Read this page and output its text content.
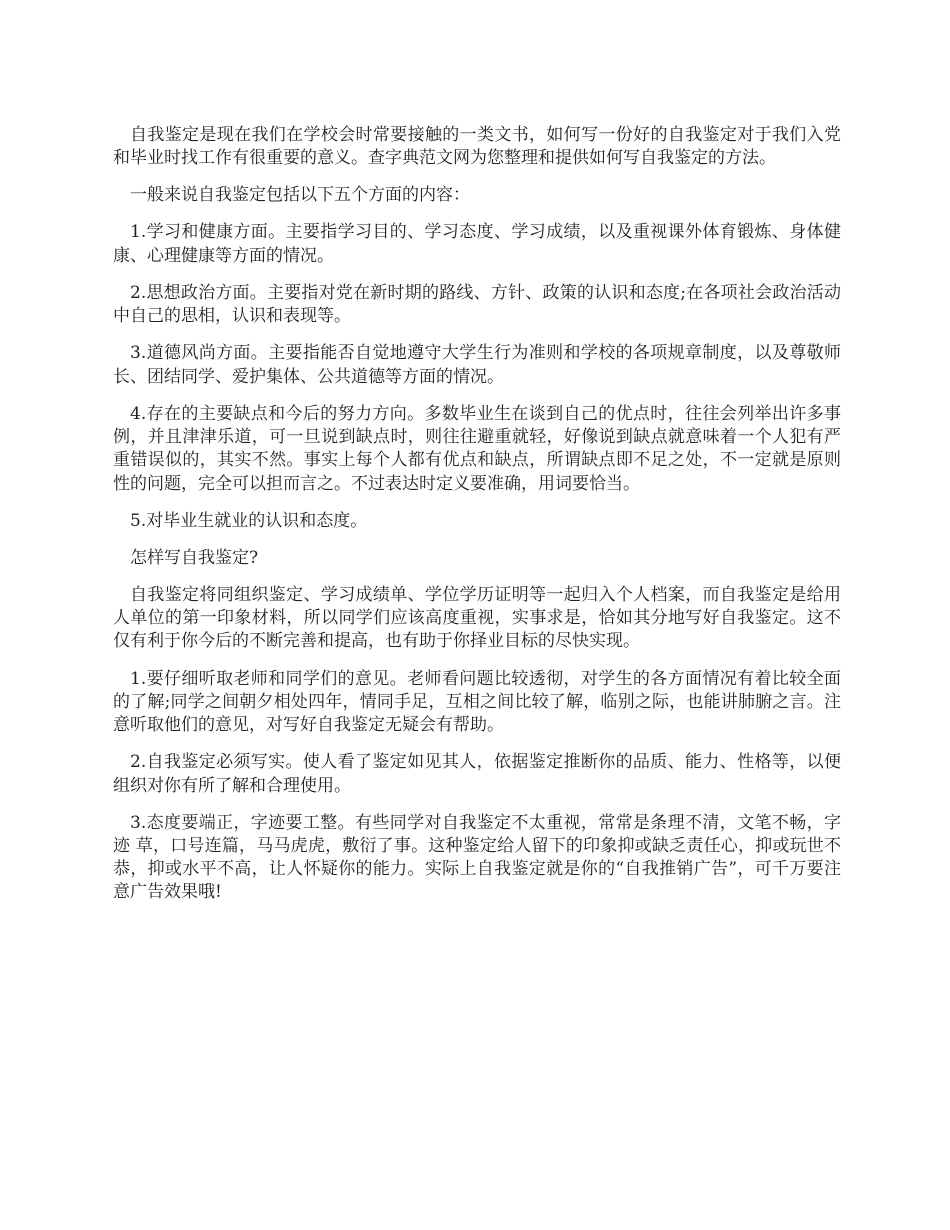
自我鉴定是现在我们在学校会时常要接触的一类文书，如何写一份好的自我鉴定对于我们入党和毕业时找工作有很重要的意义。查字典范文网为您整理和提供如何写自我鉴定的方法。

一般来说自我鉴定包括以下五个方面的内容：

1.学习和健康方面。主要指学习目的、学习态度、学习成绩，以及重视课外体育锻炼、身体健康、心理健康等方面的情况。

2.思想政治方面。主要指对党在新时期的路线、方针、政策的认识和态度;在各项社会政治活动中自己的思相，认识和表现等。

3.道德风尚方面。主要指能否自觉地遵守大学生行为准则和学校的各项规章制度，以及尊敬师长、团结同学、爱护集体、公共道德等方面的情况。

4.存在的主要缺点和今后的努力方向。多数毕业生在谈到自己的优点时，往往会列举出许多事例，并且津津乐道，可一旦说到缺点时，则往往避重就轻，好像说到缺点就意味着一个人犯有严重错误似的，其实不然。事实上每个人都有优点和缺点，所谓缺点即不足之处，不一定就是原则性的问题，完全可以担而言之。不过表达时定义要准确，用词要恰当。

5.对毕业生就业的认识和态度。

怎样写自我鉴定?

自我鉴定将同组织鉴定、学习成绩单、学位学历证明等一起归入个人档案，而自我鉴定是给用人单位的第一印象材料，所以同学们应该高度重视，实事求是，恰如其分地写好自我鉴定。这不仅有利于你今后的不断完善和提高，也有助于你择业目标的尽快实现。

1.要仔细听取老师和同学们的意见。老师看问题比较透彻，对学生的各方面情况有着比较全面的了解;同学之间朝夕相处四年，情同手足，互相之间比较了解，临别之际，也能讲肺腑之言。注意听取他们的意见，对写好自我鉴定无疑会有帮助。

2.自我鉴定必须写实。使人看了鉴定如见其人，依据鉴定推断你的品质、能力、性格等，以便组织对你有所了解和合理使用。

3.态度要端正，字迹要工整。有些同学对自我鉴定不太重视，常常是条理不清，文笔不畅，字迹 草，口号连篇，马马虎虎，敷衍了事。这种鉴定给人留下的印象抑或缺乏责任心，抑或玩世不恭，抑或水平不高，让人怀疑你的能力。实际上自我鉴定就是你的“自我推销广告”，可千万要注意广告效果哦!
